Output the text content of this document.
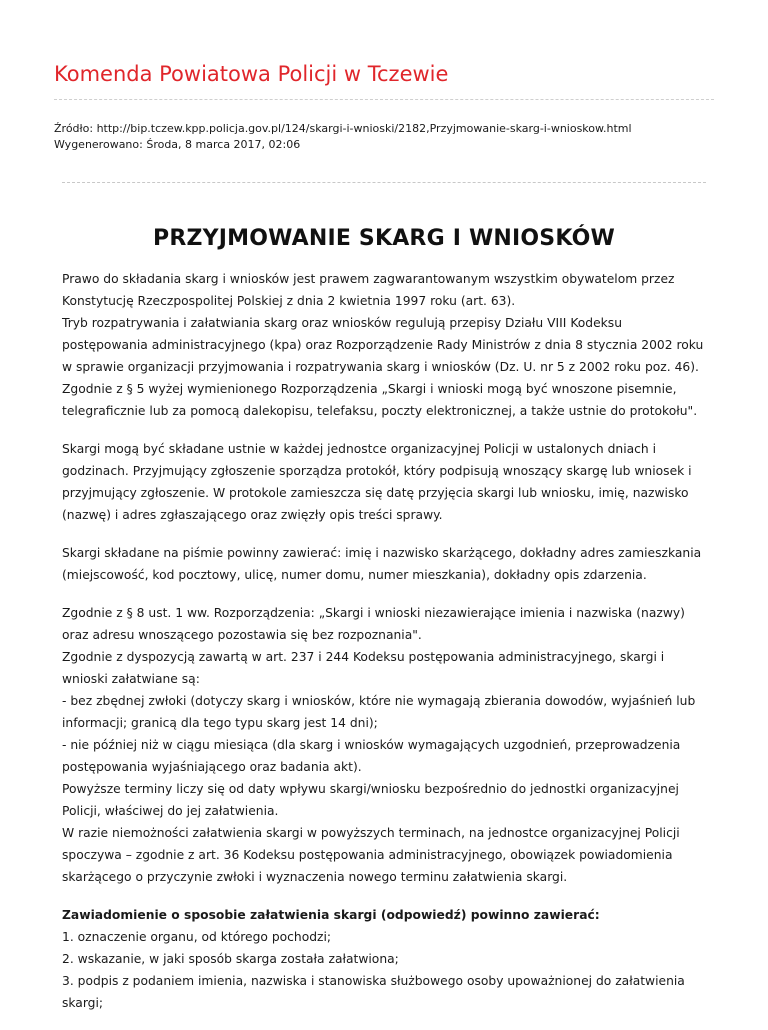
Komenda Powiatowa Policji w Tczewie
Źródło: http://bip.tczew.kpp.policja.gov.pl/124/skargi-i-wnioski/2182,Przyjmowanie-skarg-i-wnioskow.html
Wygenerowano: Środa, 8 marca 2017, 02:06
PRZYJMOWANIE SKARG I WNIOSKÓW

Prawo do składania skarg i wniosków jest prawem zagwarantowanym wszystkim obywatelom przez
Konstytucję Rzeczpospolitej Polskiej z dnia 2 kwietnia 1997 roku (art. 63).
Tryb rozpatrywania i załatwiania skarg oraz wniosków regulują przepisy Działu VIII Kodeksu
postępowania administracyjnego (kpa) oraz Rozporządzenie Rady Ministrów z dnia 8 stycznia 2002 roku
w sprawie organizacji przyjmowania i rozpatrywania skarg i wniosków (Dz. U. nr 5 z 2002 roku poz. 46).
Zgodnie z § 5 wyżej wymienionego Rozporządzenia „Skargi i wnioski mogą być wnoszone pisemnie,
telegraficznie lub za pomocą dalekopisu, telefaksu, poczty elektronicznej, a także ustnie do protokołu".

Skargi mogą być składane ustnie w każdej jednostce organizacyjnej Policji w ustalonych dniach i
godzinach. Przyjmujący zgłoszenie sporządza protokół, który podpisują wnoszący skargę lub wniosek i
przyjmujący zgłoszenie. W protokole zamieszcza się datę przyjęcia skargi lub wniosku, imię, nazwisko
(nazwę) i adres zgłaszającego oraz zwięzły opis treści sprawy.

Skargi składane na piśmie powinny zawierać: imię i nazwisko skarżącego, dokładny adres zamieszkania
(miejscowość, kod pocztowy, ulicę, numer domu, numer mieszkania), dokładny opis zdarzenia.

Zgodnie z § 8 ust. 1 ww. Rozporządzenia: „Skargi i wnioski niezawierające imienia i nazwiska (nazwy)
oraz adresu wnoszącego pozostawia się bez rozpoznania".
Zgodnie z dyspozycją zawartą w art. 237 i 244 Kodeksu postępowania administracyjnego, skargi i
wnioski załatwiane są:
- bez zbędnej zwłoki (dotyczy skarg i wniosków, które nie wymagają zbierania dowodów, wyjaśnień lub
informacji; granicą dla tego typu skarg jest 14 dni);
- nie później niż w ciągu miesiąca (dla skarg i wniosków wymagających uzgodnień, przeprowadzenia
postępowania wyjaśniającego oraz badania akt).
Powyższe terminy liczy się od daty wpływu skargi/wniosku bezpośrednio do jednostki organizacyjnej
Policji, właściwej do jej załatwienia.
W razie niemożności załatwienia skargi w powyższych terminach, na jednostce organizacyjnej Policji
spoczywa – zgodnie z art. 36 Kodeksu postępowania administracyjnego, obowiązek powiadomienia
skarżącego o przyczynie zwłoki i wyznaczenia nowego terminu załatwienia skargi.

Zawiadomienie o sposobie załatwienia skargi (odpowiedź) powinno zawierać:
1. oznaczenie organu, od którego pochodzi;
2. wskazanie, w jaki sposób skarga została załatwiona;
3. podpis z podaniem imienia, nazwiska i stanowiska służbowego osoby upoważnionej do załatwienia
skargi;
